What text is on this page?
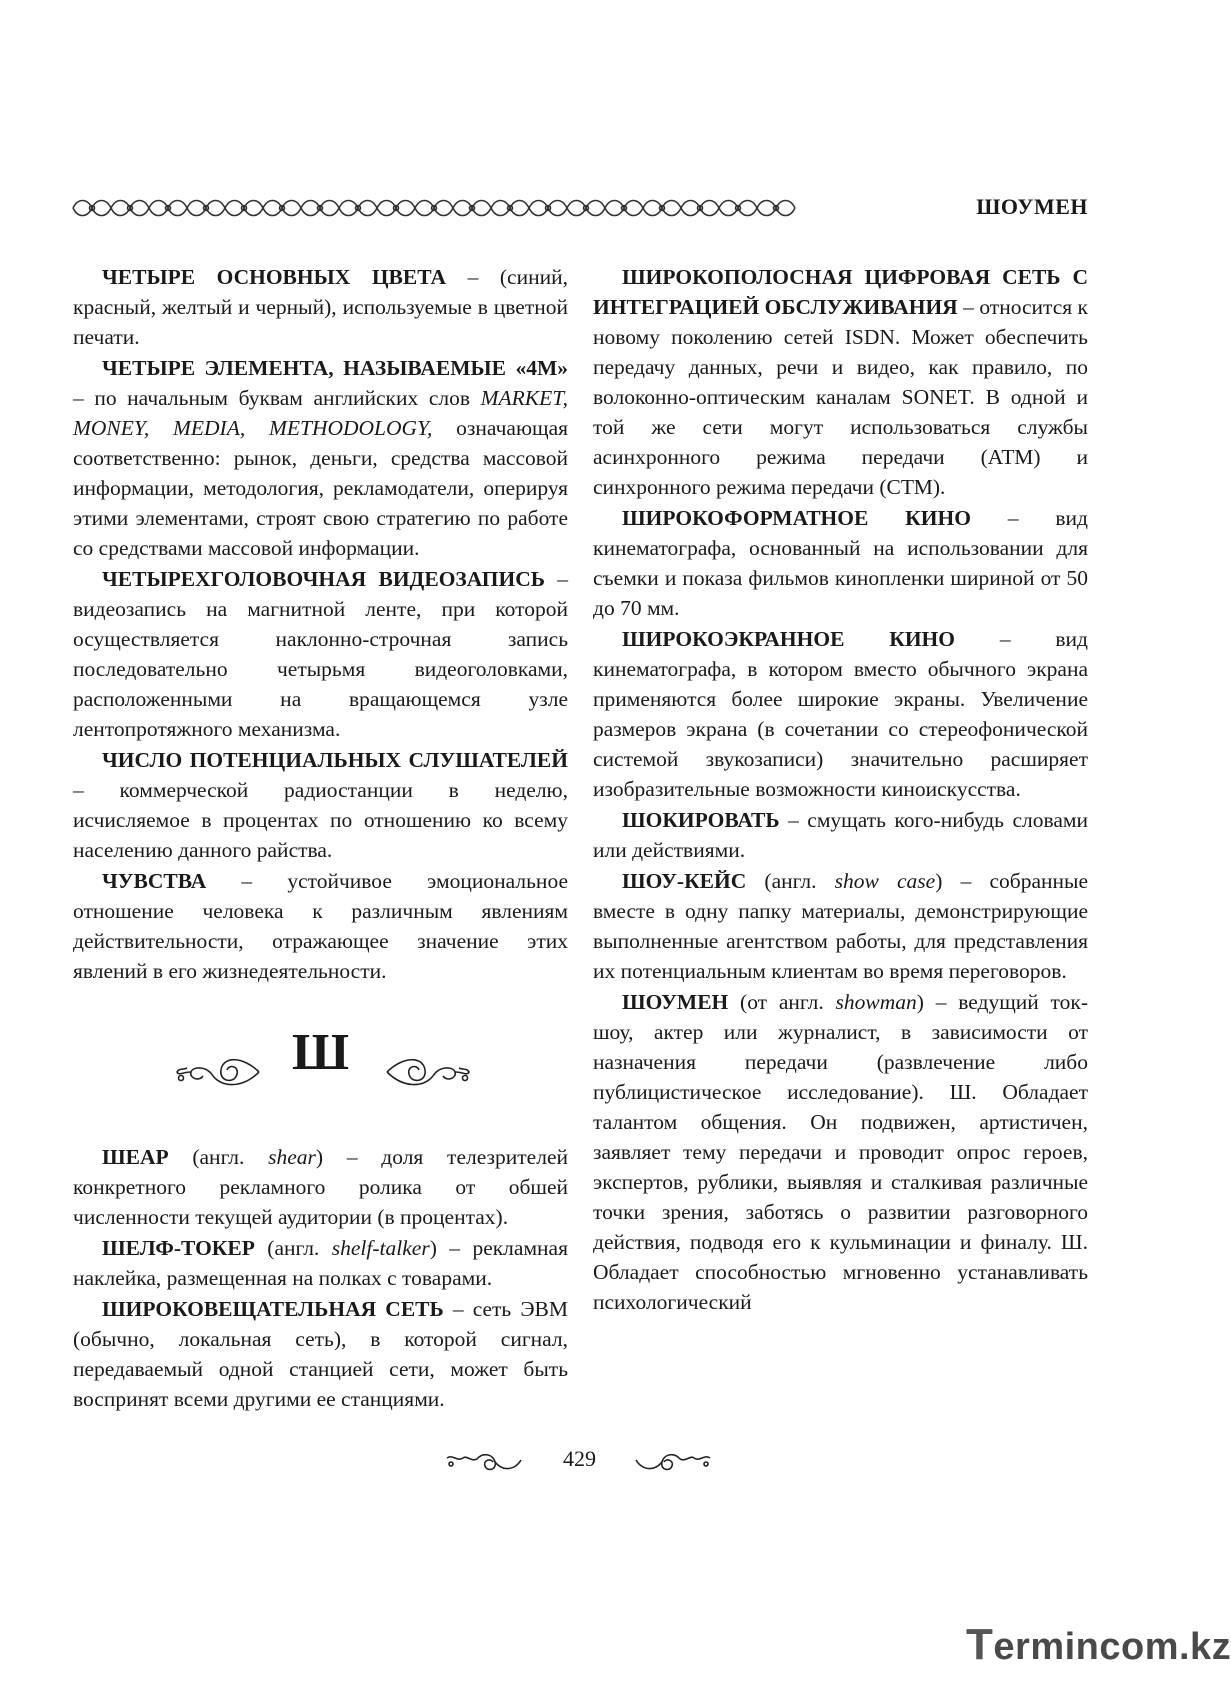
ШОУМЕН

ЧЕТЫРЕ ОСНОВНЫХ ЦВЕТА – (синий, красный, желтый и черный), используемые в цветной печати.

ЧЕТЫРЕ ЭЛЕМЕНТА, НАЗЫВАЕМЫЕ «4М» – по начальным буквам английских слов MARKET, MONEY, MEDIA, METHODOLOGY, означающая соответственно: рынок, деньги, средства массовой информации, методология, рекламодатели, оперируя этими элементами, строят свою стратегию по работе со средствами массовой информации.

ЧЕТЫРЕХГОЛОВОЧНАЯ ВИДЕОЗАПИСЬ – видеозапись на магнитной ленте, при которой осуществляется наклонно-строчная запись последовательно четырьмя видеоголовками, расположенными на вращающемся узле лентопротяжного механизма.

ЧИСЛО ПОТЕНЦИАЛЬНЫХ СЛУШАТЕЛЕЙ – коммерческой радиостанции в неделю, исчисляемое в процентах по отношению ко всему населению данного райства.

ЧУВСТВА – устойчивое эмоциональное отношение человека к различным явлениям действительности, отражающее значение этих явлений в его жизнедеятельности.

Ш

ШЕАР (англ. shear) – доля телезрителей конкретного рекламного ролика от обшей численности текущей аудитории (в процентах).

ШЕЛФ-ТОКЕР (англ. shelf-talker) – рекламная наклейка, размещенная на полках с товарами.

ШИРОКОВЕЩАТЕЛЬНАЯ СЕТЬ – сеть ЭВМ (обычно, локальная сеть), в которой сигнал, передаваемый одной станцией сети, может быть воспринят всеми другими ее станциями.

ШИРОКОПОЛОСНАЯ ЦИФРОВАЯ СЕТЬ С ИНТЕГРАЦИЕЙ ОБСЛУЖИВАНИЯ – относится к новому поколению сетей ISDN. Может обеспечить передачу данных, речи и видео, как правило, по волоконно-оптическим каналам SONET. В одной и той же сети могут использоваться службы асинхронного режима передачи (АТМ) и синхронного режима передачи (СТМ).

ШИРОКОФОРМАТНОЕ КИНО – вид кинематографа, основанный на использовании для съемки и показа фильмов кинопленки шириной от 50 до 70 мм.

ШИРОКОЭКРАННОЕ КИНО – вид кинематографа, в котором вместо обычного экрана применяются более широкие экраны. Увеличение размеров экрана (в сочетании со стереофонической системой звукозаписи) значительно расширяет изобразительные возможности киноискусства.

ШОКИРОВАТЬ – смущать кого-нибудь словами или действиями.

ШОУ-КЕЙС (англ. show case) – собранные вместе в одну папку материалы, демонстрирующие выполненные агентством работы, для представления их потенциальным клиентам во время переговоров.

ШОУМЕН (от англ. showman) – ведущий ток-шоу, актер или журналист, в зависимости от назначения передачи (развлечение либо публицистическое исследование). Ш. Обладает талантом общения. Он подвижен, артистичен, заявляет тему передачи и проводит опрос героев, экспертов, рублики, выявляя и сталкивая различные точки зрения, заботясь о развитии разговорного действия, подводя его к кульминации и финалу. Ш. Обладает способностью мгновенно устанавливать психологический

429
Termincom.kz
